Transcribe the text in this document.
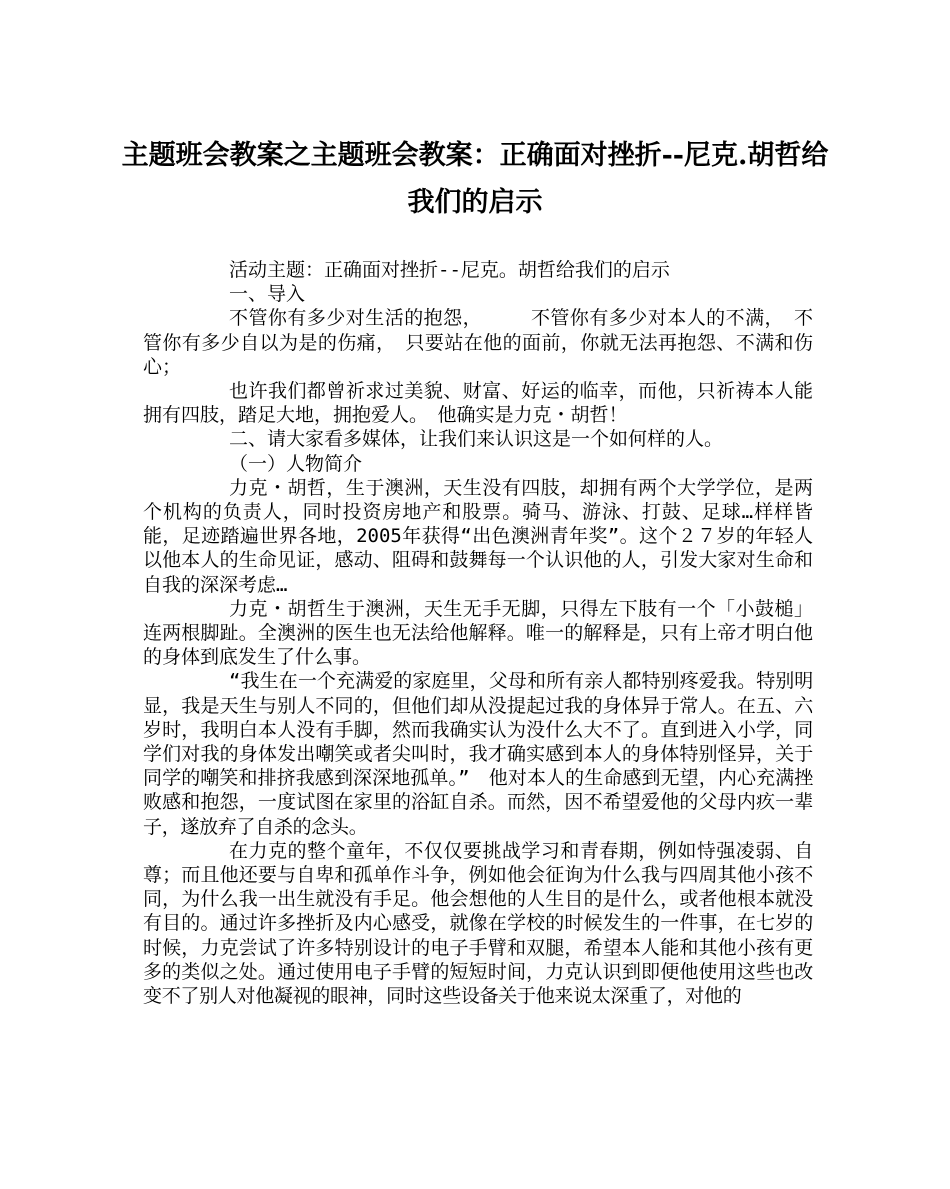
主题班会教案之主题班会教案：正确面对挫折--尼克.胡哲给我们的启示

活动主题：正确面对挫折--尼克。胡哲给我们的启示

一、导入

不管你有多少对生活的抱怨，　　　不管你有多少对本人的不满，　不管你有多少自以为是的伤痛，　只要站在他的面前，你就无法再抱怨、不满和伤心；

也许我们都曾祈求过美貌、财富、好运的临幸，而他，只祈祷本人能拥有四肢，踏足大地，拥抱爱人。　他确实是力克・胡哲！

二、请大家看多媒体，让我们来认识这是一个如何样的人。

（一）人物简介

力克・胡哲，生于澳洲，天生没有四肢，却拥有两个大学学位，是两个机构的负责人，同时投资房地产和股票。骑马、游泳、打鼓、足球…样样皆能，足迹踏遍世界各地，2005年获得“出色澳洲青年奖”。这个２７岁的年轻人以他本人的生命见证，感动、阻碍和鼓舞每一个认识他的人，引发大家对生命和自我的深深考虑…

力克・胡哲生于澳洲，天生无手无脚，只得左下肢有一个「小鼓槌」连两根脚趾。全澳洲的医生也无法给他解释。唯一的解释是，只有上帝才明白他的身体到底发生了什么事。

“我生在一个充满爱的家庭里，父母和所有亲人都特别疼爱我。特别明显，我是天生与别人不同的，但他们却从没提起过我的身体异于常人。在五、六岁时，我明白本人没有手脚，然而我确实认为没什么大不了。直到进入小学，同学们对我的身体发出嘲笑或者尖叫时，我才确实感到本人的身体特别怪异，关于同学的嘲笑和排挤我感到深深地孤单。”　他对本人的生命感到无望，内心充满挫败感和抱怨，一度试图在家里的浴缸自杀。而然，因不希望爱他的父母内疚一辈子，遂放弃了自杀的念头。

在力克的整个童年，不仅仅要挑战学习和青春期，例如恃强凌弱、自尊；而且他还要与自卑和孤单作斗争，例如他会征询为什么我与四周其他小孩不同，为什么我一出生就没有手足。他会想他的人生目的是什么，或者他根本就没有目的。通过许多挫折及内心感受，就像在学校的时候发生的一件事，在七岁的时候，力克尝试了许多特别设计的电子手臂和双腿，希望本人能和其他小孩有更多的类似之处。通过使用电子手臂的短短时间，力克认识到即便他使用这些也改变不了别人对他凝视的眼神，同时这些设备关于他来说太深重了，对他的
